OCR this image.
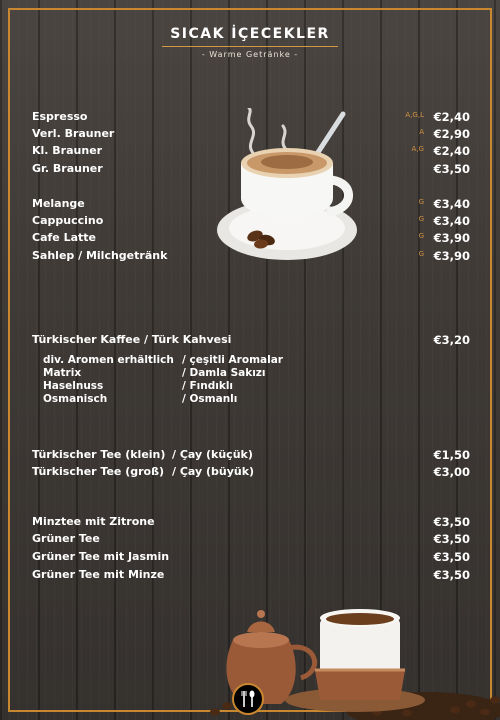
SICAK İÇECEKLER
- Warme Getränke -
Espresso	A,G,L €2,40
Verl. Brauner	A €2,90
Kl. Brauner	A,G €2,40
Gr. Brauner	€3,50
Melange	G €3,40
Cappuccino	G €3,40
Cafe Latte	G €3,90
Sahlep / Milchgetränk	G €3,90
Türkischer Kaffee / Türk Kahvesi	€3,20
div. Aromen erhältlich / çeşitli Aromalar
Matrix	/ Damla Sakızı
Haselnuss	/ Fındıklı
Osmanisch	/ Osmanlı
Türkischer Tee (klein) / Çay (küçük)	€1,50
Türkischer Tee (groß) / Çay (büyük)	€3,00
Minztee mit Zitrone	€3,50
Grüner Tee	€3,50
Grüner Tee mit Jasmin	€3,50
Grüner Tee mit Minze	€3,50
